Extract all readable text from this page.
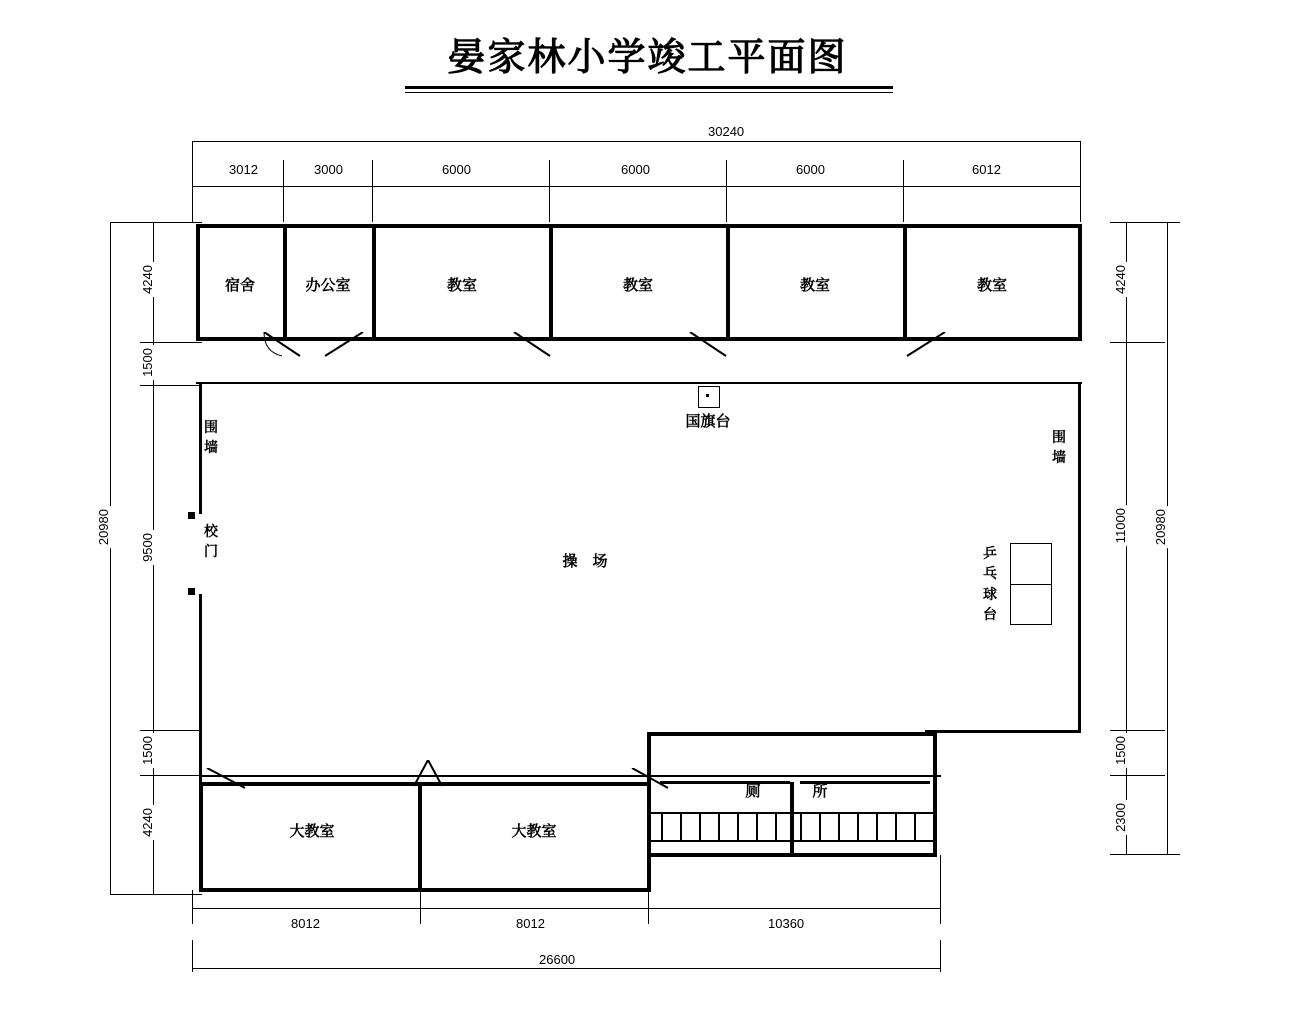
晏家林小学竣工平面图
30240
3012	3000	6000	6000	6000	6012
20980
4240
1500
9500
1500
4240
4240
11000
1500
2300
20980
宿舍	办公室	教室	教室	教室	教室
围
墙
校
门
围
墙
国旗台
操　场	乒
乓
球
台
大教室	大教室
厕	所
8012	8012	10360
26600
